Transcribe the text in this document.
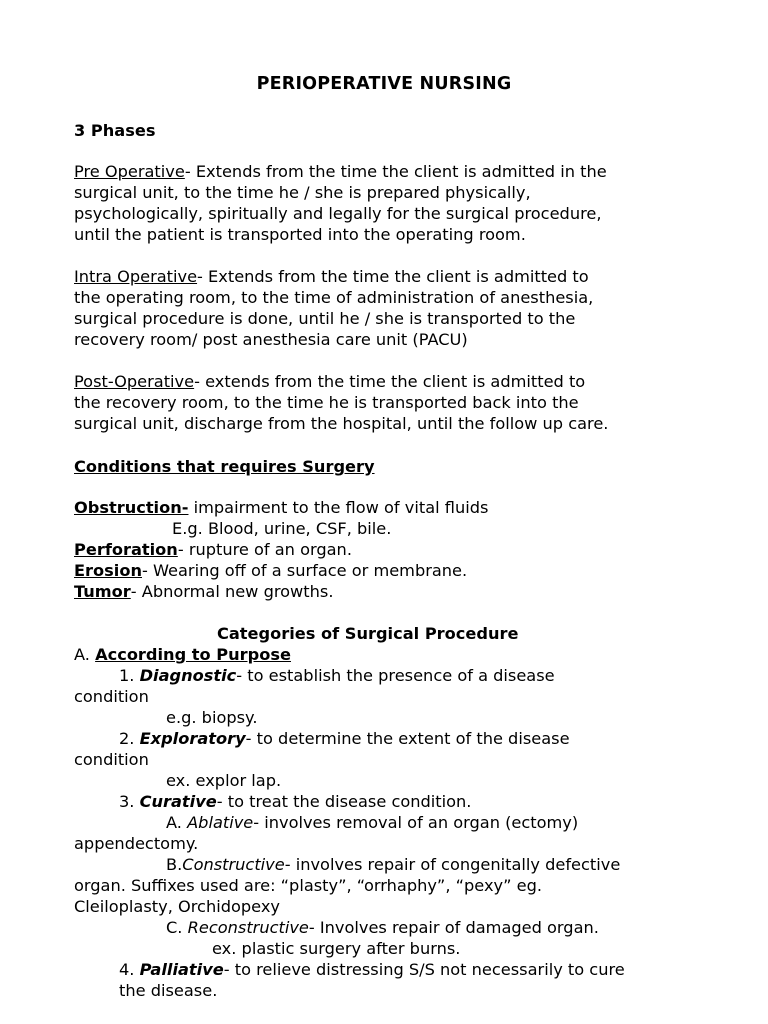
PERIOPERATIVE NURSING
3 Phases
Pre Operative- Extends from the time the client is admitted in the
surgical unit, to the time he / she is prepared physically,
psychologically, spiritually and legally for the surgical procedure,
until the patient is transported into the operating room.
Intra Operative- Extends from the time the client is admitted to
the operating room, to the time of administration of anesthesia,
surgical procedure is done, until he / she is transported to the
recovery room/ post anesthesia care unit (PACU)
Post-Operative- extends from the time the client is admitted to
the recovery room, to the time he is transported back into the
surgical unit, discharge from the hospital, until the follow up care.
Conditions that requires Surgery
Obstruction- impairment to the flow of vital fluids
E.g. Blood, urine, CSF, bile.
Perforation- rupture of an organ.
Erosion- Wearing off of a surface or membrane.
Tumor- Abnormal new growths.
Categories of Surgical Procedure
A. According to Purpose
1. Diagnostic- to establish the presence of a disease
condition
e.g. biopsy.
2. Exploratory- to determine the extent of the disease
condition
ex. explor lap.
3. Curative- to treat the disease condition.
A. Ablative- involves removal of an organ (ectomy)
appendectomy.
B.Constructive- involves repair of congenitally defective
organ. Suffixes used are: “plasty”, “orrhaphy”, “pexy” eg.
Cleiloplasty, Orchidopexy
C. Reconstructive- Involves repair of damaged organ.
ex. plastic surgery after burns.
4. Palliative- to relieve distressing S/S not necessarily to cure
the disease.
